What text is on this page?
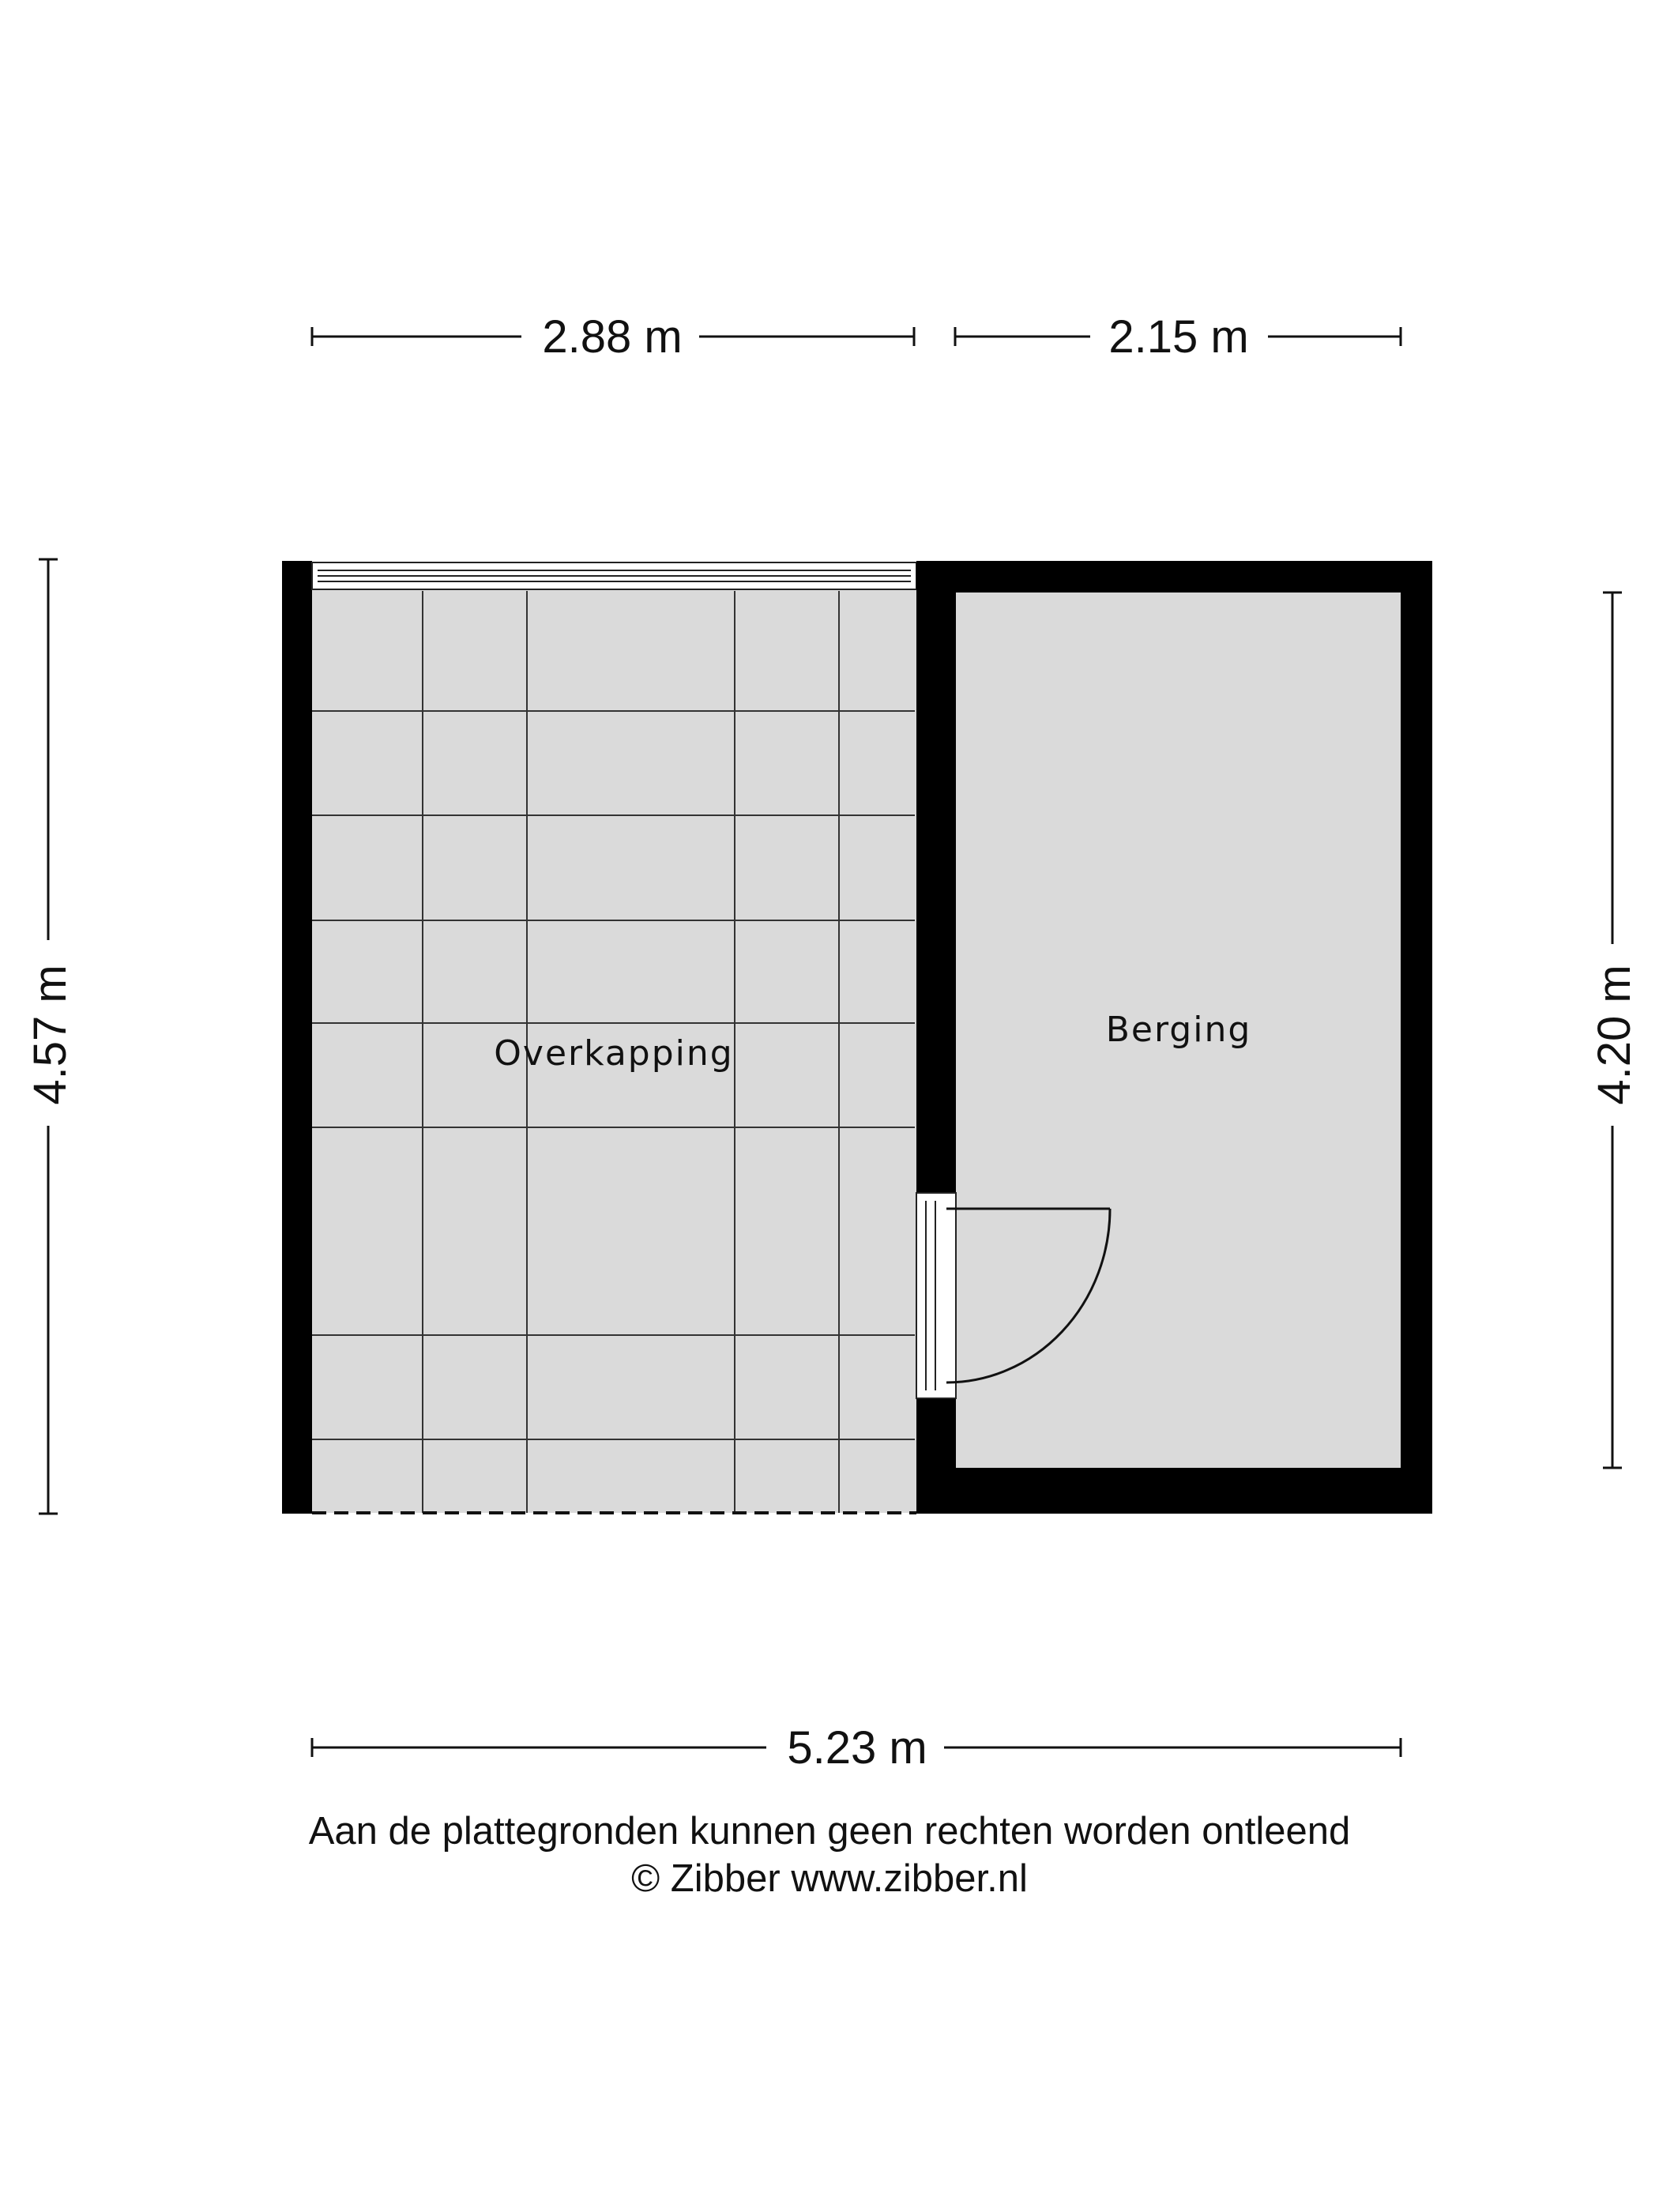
2.88 m	2.15 m
4.57 m	4.20 m
5.23 m
Overkapping
Berging
Aan de plattegronden kunnen geen rechten worden ontleend
© Zibber www.zibber.nl
